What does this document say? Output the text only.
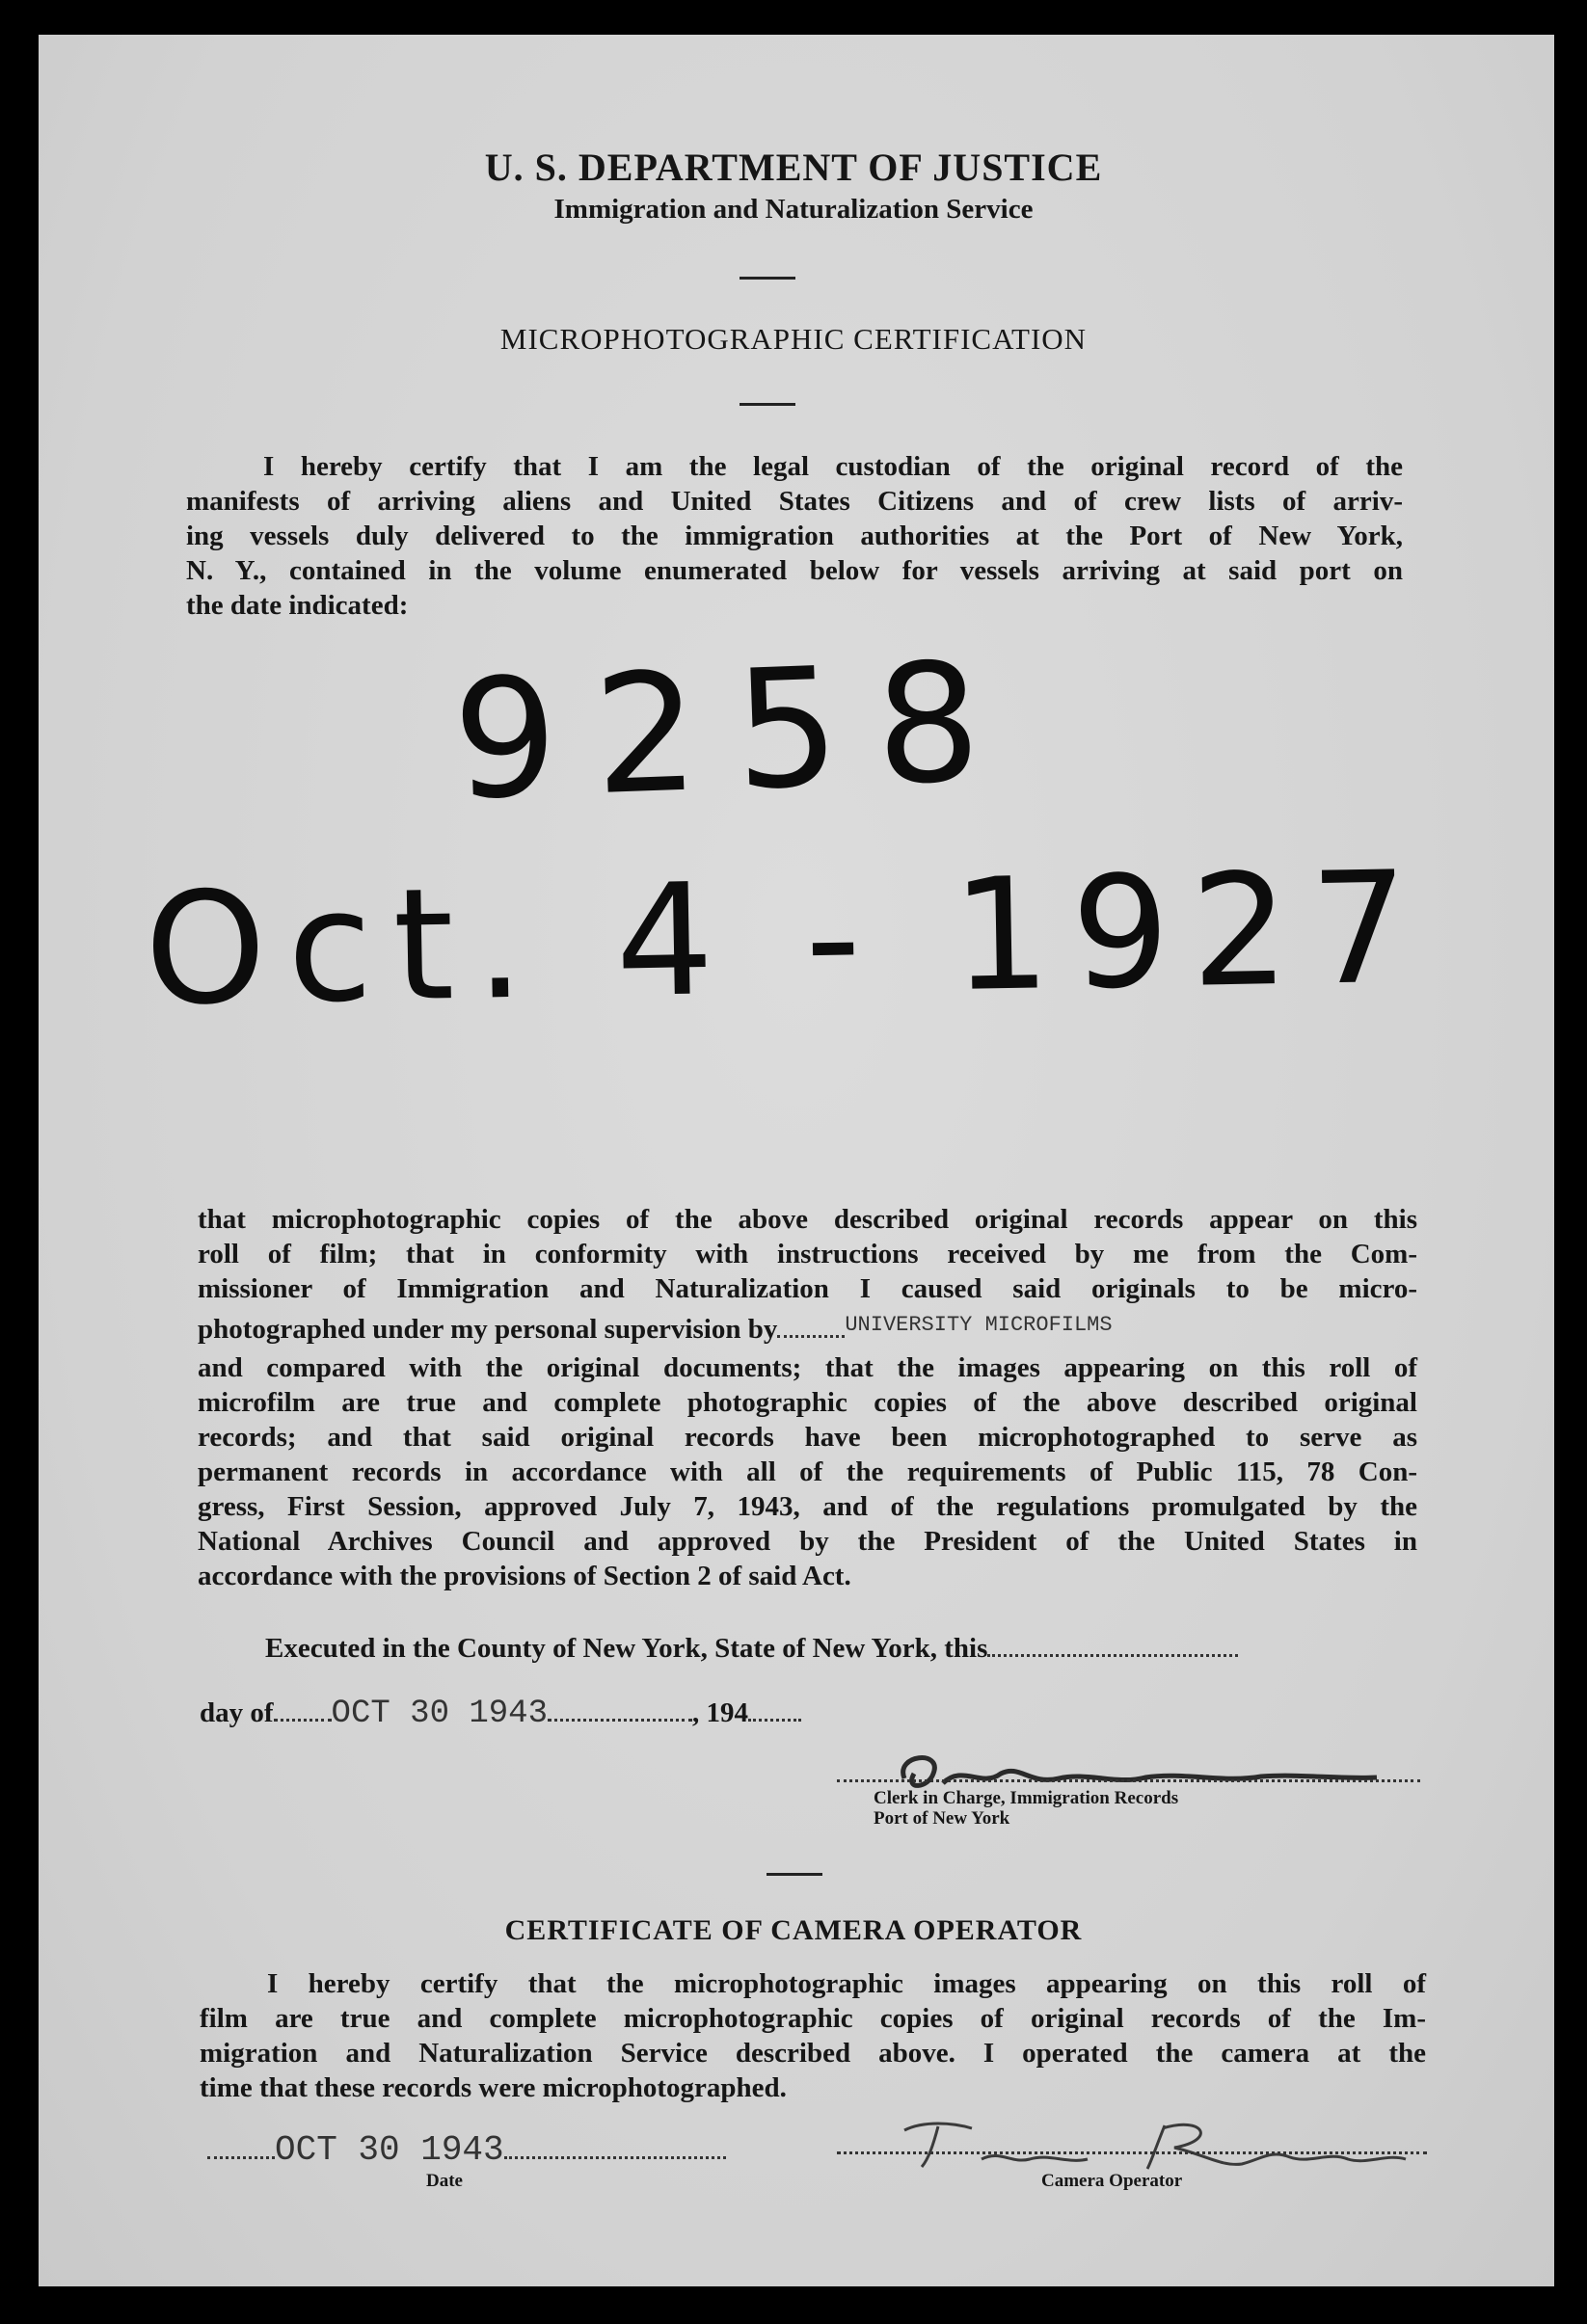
U. S. DEPARTMENT OF JUSTICE
Immigration and Naturalization Service
MICROPHOTOGRAPHIC CERTIFICATION
I hereby certify that I am the legal custodian of the original record of the
manifests of arriving aliens and United States Citizens and of crew lists of arriv-
ing vessels duly delivered to the immigration authorities at the Port of New York,
N. Y., contained in the volume enumerated below for vessels arriving at said port on
the date indicated:
9258
Oct. 4 - 1927
that microphotographic copies of the above described original records appear on this
roll of film; that in conformity with instructions received by me from the Com-
missioner of Immigration and Naturalization I caused said originals to be micro-
photographed under my personal supervision by	$^{UNIVERSITY MICROFILMS}$
and compared with the original documents; that the images appearing on this roll of
microfilm are true and complete photographic copies of the above described original
records; and that said original records have been microphotographed to serve as
permanent records in accordance with all of the requirements of Public 115, 78 Con-
gress, First Session, approved July 7, 1943, and of the regulations promulgated by the
National Archives Council and approved by the President of the United States in
accordance with the provisions of Section 2 of said Act.
Executed in the County of New York, State of New York, this
day of OCT 30 1943	, 194
Clerk in Charge, Immigration Records
Port of New York
CERTIFICATE OF CAMERA OPERATOR
I hereby certify that the microphotographic images appearing on this roll of
film are true and complete microphotographic copies of original records of the Im-
migration and Naturalization Service described above. I operated the camera at the
time that these records were microphotographed.
OCT 30 1943
Date	Camera Operator
